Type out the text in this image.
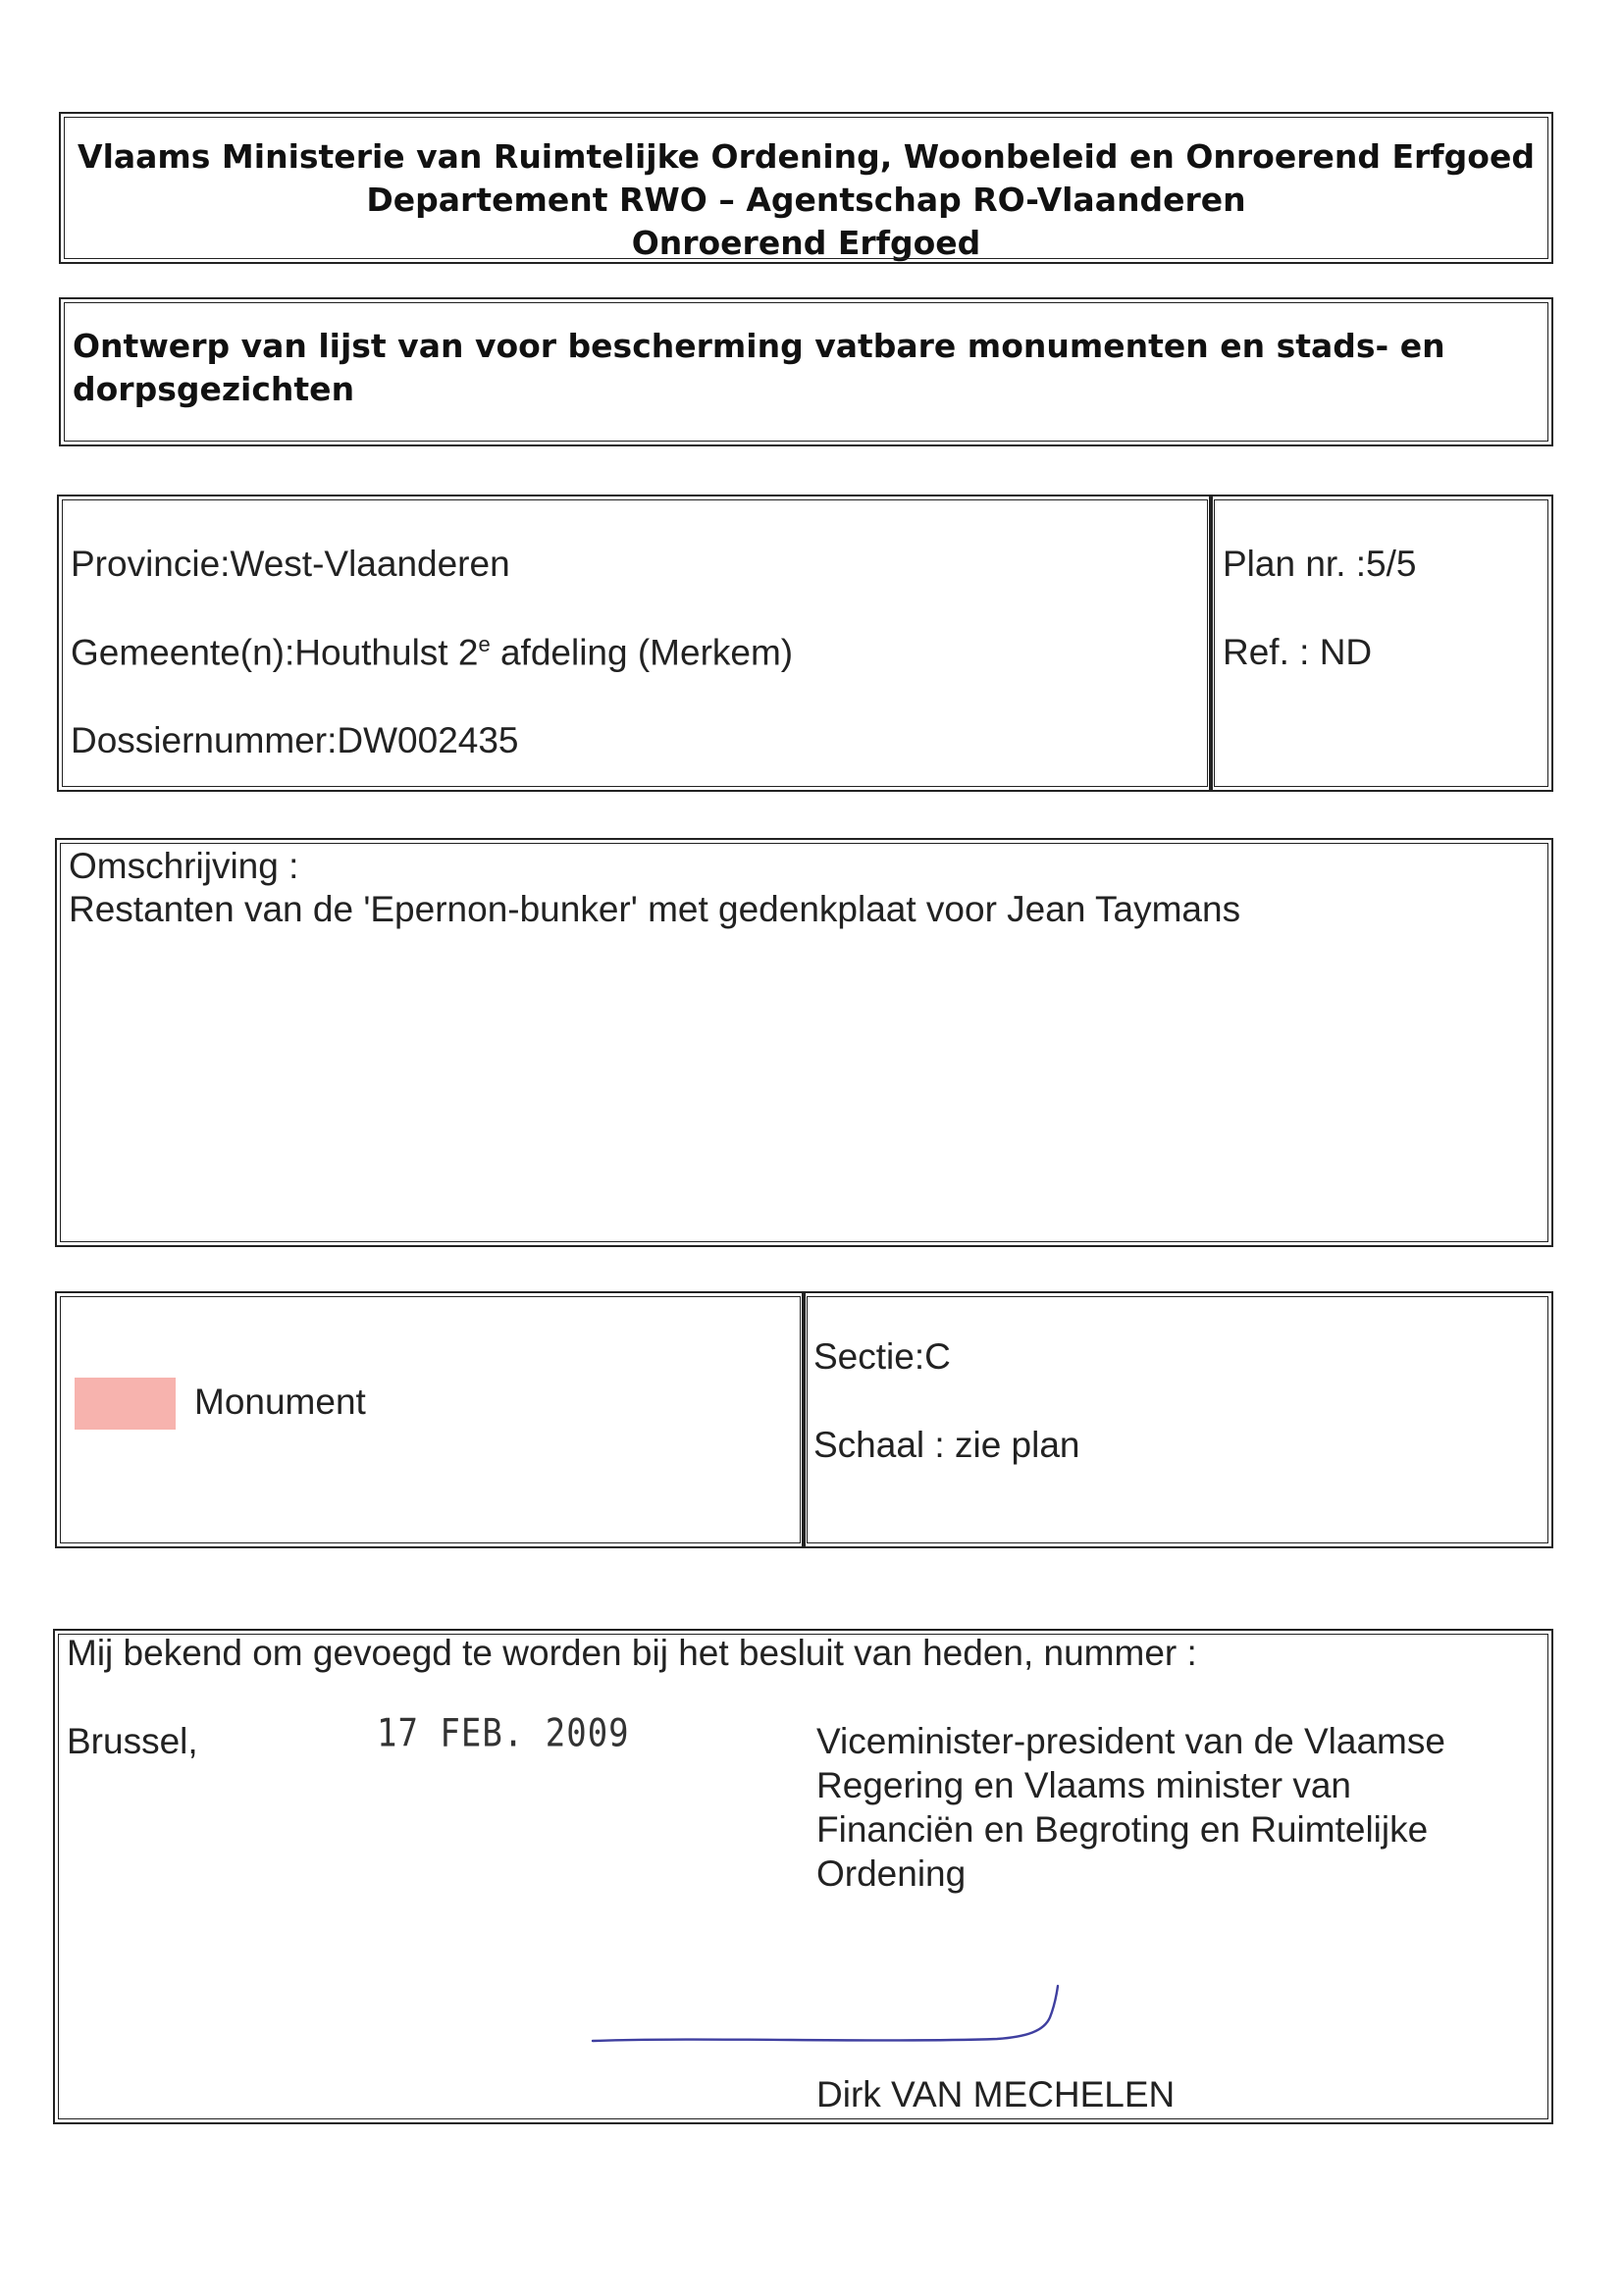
Vlaams Ministerie van Ruimtelijke Ordening, Woonbeleid en Onroerend Erfgoed
Departement RWO – Agentschap RO-Vlaanderen
Onroerend Erfgoed
Ontwerp van lijst van voor bescherming vatbare monumenten en stads- en
dorpsgezichten
Provincie:West-Vlaanderen
Gemeente(n):Houthulst 2e afdeling (Merkem)
Dossiernummer:DW002435
Plan nr. :5/5
Ref. : ND
Omschrijving :
Restanten van de 'Epernon-bunker' met gedenkplaat voor Jean Taymans
Monument
Sectie:C
Schaal : zie plan
Mij bekend om gevoegd te worden bij het besluit van heden, nummer :
Brussel,	17 FEB. 2009	Viceminister-president van de Vlaamse
Regering en Vlaams minister van
Financiën en Begroting en Ruimtelijke
Ordening
Dirk VAN MECHELEN
